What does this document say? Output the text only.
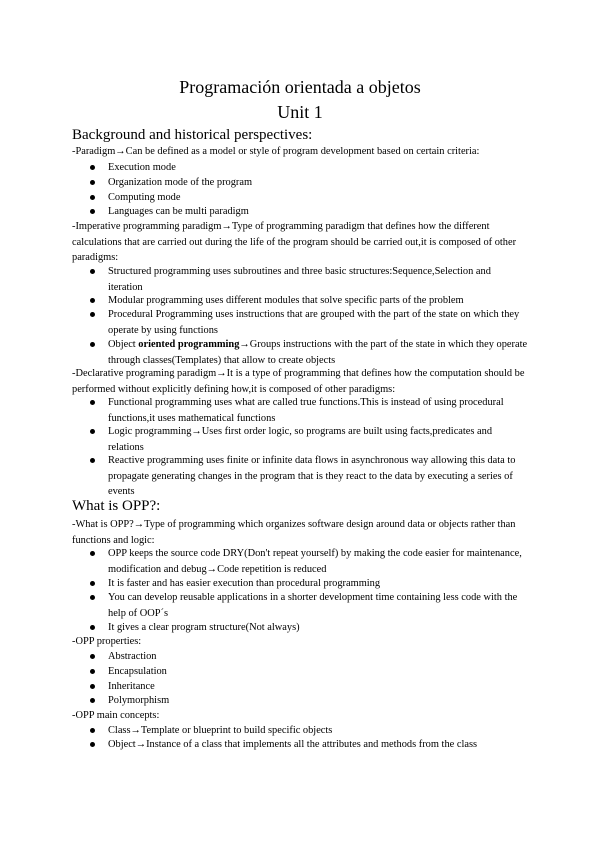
Programación orientada a objetos
Unit 1
Background and historical perspectives:
-Paradigm→Can be defined as a model or style of program development based on certain criteria:
Execution mode
Organization mode of the program
Computing mode
Languages can be multi paradigm
-Imperative programming paradigm→Type of programming paradigm that defines how the different calculations that are carried out during the life of the program should be carried out,it is composed of other paradigms:
Structured programming uses subroutines and three basic structures:Sequence,Selection and iteration
Modular programming uses different modules that solve specific parts of the problem
Procedural Programming uses instructions that are grouped with the part of the state on which they operate by using functions
Object oriented programming→Groups instructions with the part of the state in which they operate through classes(Templates) that allow to create objects
-Declarative programing paradigm→It is a type of programming that defines how the computation should be performed without explicitly defining how,it is composed of other paradigms:
Functional programming uses what are called true functions.This is instead of using procedural functions,it uses mathematical functions
Logic programming→Uses first order logic, so programs are built using facts,predicates and relations
Reactive programming uses finite or infinite data flows in asynchronous way allowing this data to propagate generating changes in the program that is they react to the data by executing a series of events
What is OPP?:
-What is OPP?→Type of programming which organizes software design around data or objects rather than functions and logic:
OPP keeps the source code DRY(Don't repeat yourself) by making the code easier for maintenance, modification and debug→Code repetition is reduced
It is faster and has easier execution than procedural programming
You can develop reusable applications in a shorter development time containing less code with the help of OOP´s
It gives a clear program structure(Not always)
-OPP properties:
Abstraction
Encapsulation
Inheritance
Polymorphism
-OPP main concepts:
Class→Template or blueprint to build specific objects
Object→Instance of a class that implements all the attributes and methods from the class
